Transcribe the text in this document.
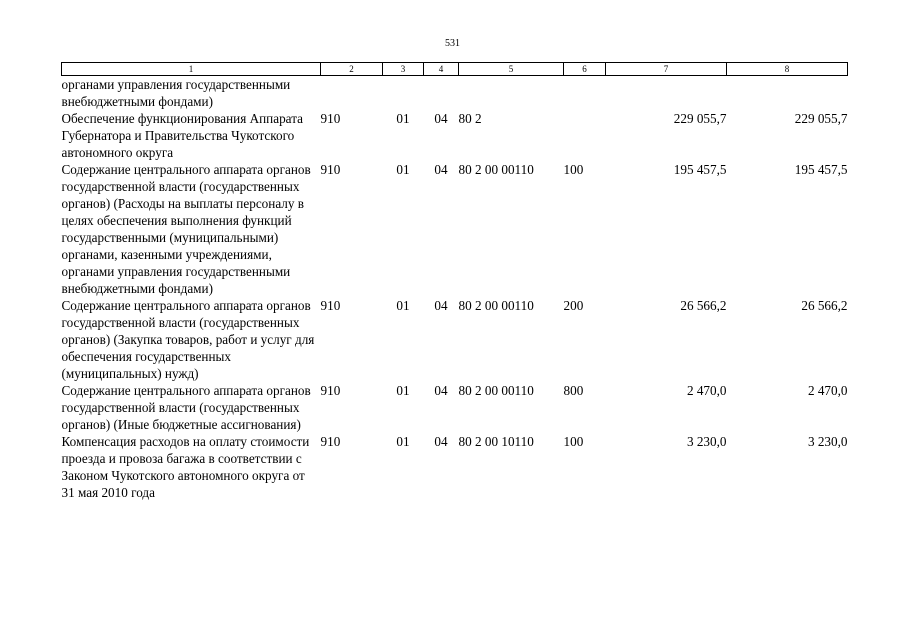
531
1	2	3	4	5	6	7	8
органами управления государственными внебюджетными фондами)							
Обеспечение функционирования Аппарата Губернатора и Правительства Чукотского автономного округа	910	01	04	80 2		229 055,7	229 055,7
Содержание центрального аппарата органов государственной власти (государственных органов) (Расходы на выплаты персоналу в целях обеспечения выполнения функций государственными (муниципальными) органами, казенными учреждениями, органами управления государственными внебюджетными фондами)	910	01	04	80 2 00 00110	100	195 457,5	195 457,5
Содержание центрального аппарата органов государственной власти (государственных органов) (Закупка товаров, работ и услуг для обеспечения государственных (муниципальных) нужд)	910	01	04	80 2 00 00110	200	26 566,2	26 566,2
Содержание центрального аппарата органов государственной власти (государственных органов) (Иные бюджетные ассигнования)	910	01	04	80 2 00 00110	800	2 470,0	2 470,0
Компенсация расходов на оплату стоимости проезда и провоза багажа в соответствии с Законом Чукотского автономного округа от 31 мая 2010 года	910	01	04	80 2 00 10110	100	3 230,0	3 230,0
